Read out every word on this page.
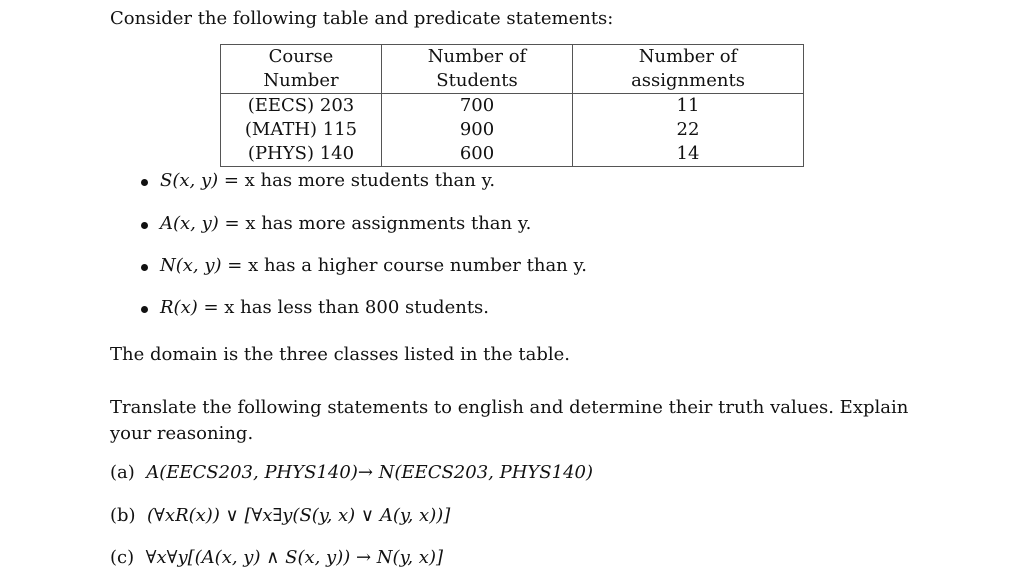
Consider the following table and predicate statements:
Course Number	Number of Students	Number of assignments
(EECS) 203	700	11
(MATH) 115	900	22
(PHYS) 140	600	14
S(x, y) = x has more students than y.
A(x, y) = x has more assignments than y.
N(x, y) = x has a higher course number than y.
R(x) = x has less than 800 students.
The domain is the three classes listed in the table.
Translate the following statements to english and determine their truth values. Explain your reasoning.
(a) A(EECS203, PHYS140)→ N(EECS203, PHYS140)
(b) (∀xR(x)) ∨ [∀x∃y(S(y, x) ∨ A(y, x))]
(c) ∀x∀y[(A(x, y) ∧ S(x, y)) → N(y, x)]
